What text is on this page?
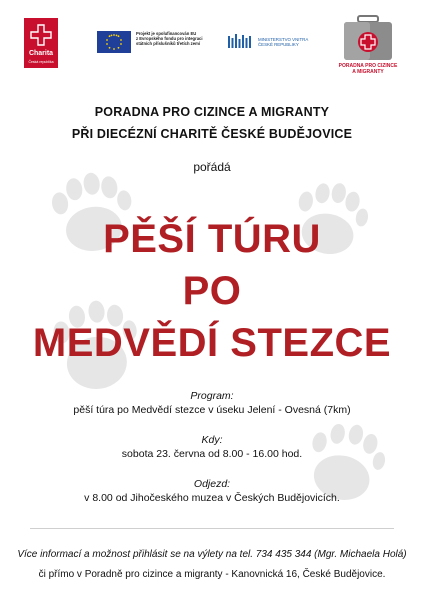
Charita
Česká republika
Projekt je spolufinancován EU
z Evropského fondu pro integraci
státních příslušníků třetích zemí
MINISTERSTVO VNITRA
ČESKÉ REPUBLIKY
PORADNA PRO CIZINCE
A MIGRANTY
PORADNA PRO CIZINCE A MIGRANTY
PŘI DIECÉZNÍ CHARITĚ ČESKÉ BUDĚJOVICE
pořádá
PĚŠÍ TÚRU
PO
MEDVĚDÍ STEZCE
Program:
pěší túra po Medvědí stezce v úseku Jelení - Ovesná (7km)
Kdy:
sobota 23. června od 8.00 - 16.00 hod.
Odjezd:
v 8.00 od Jihočeského muzea v Českých Budějovicích.
Více informací a možnost přihlásit se na výlety na tel. 734 435 344 (Mgr. Michaela Holá)
či přímo v Poradně pro cizince a migranty - Kanovnická 16, České Budějovice.
